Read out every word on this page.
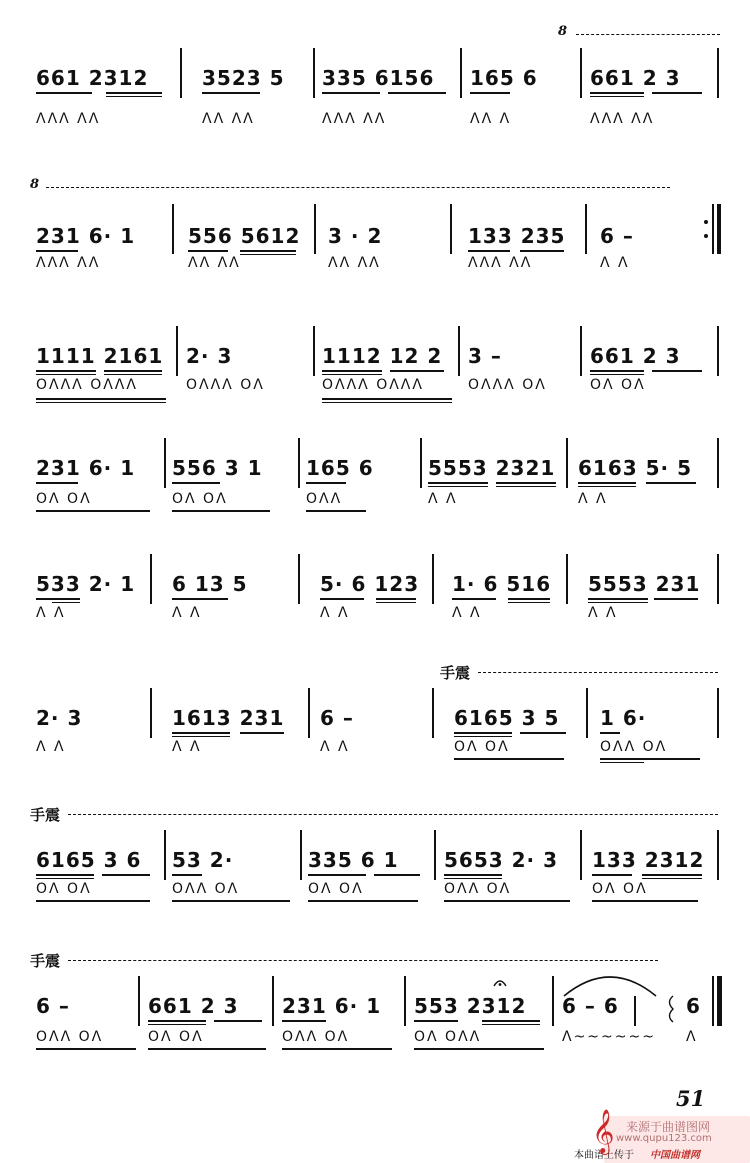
8
8
手震
手震
手震
661 2312	3523 5 335 6156 165 6	661 2 3
ΛΛΛ ΛΛ	ΛΛ ΛΛ	ΛΛΛ ΛΛ	ΛΛ Λ	ΛΛΛ ΛΛ
231 6· 1	556 5612 3 · 2	133 235 6 –
ΛΛΛ ΛΛ	ΛΛ ΛΛ	ΛΛ ΛΛ	ΛΛΛ ΛΛ	Λ Λ
1111 2161 2· 3	1112 12 2 3 –	661 2 3
OΛΛΛ OΛΛΛ	OΛΛΛ OΛ	OΛΛΛ OΛΛΛ	OΛΛΛ OΛ	OΛ OΛ
231 6· 1 556 3 1 165 6	5553 2321 6163 5· 5
OΛ OΛ	OΛ OΛ	OΛΛ	Λ Λ	Λ Λ
533 2· 1 6 13 5	5· 6 123 1· 6 516 5553 231
Λ Λ	Λ Λ	Λ Λ	Λ Λ	Λ Λ
2· 3	1613 231 6 –	6165 3 5 1 6·
Λ Λ	Λ Λ	Λ Λ	OΛ OΛ	OΛΛ OΛ
6165 3 6 53 2·	335 6 1 5653 2· 3 133 2312
OΛ OΛ	OΛΛ OΛ	OΛ OΛ	OΛΛ OΛ	OΛ OΛ
6 –	661 2 3 231 6· 1 553 2312 6 – 6	6
OΛΛ OΛ	OΛ OΛ	OΛΛ OΛ	OΛ OΛΛ	Λ~~~~~~ Λ
51
来源于曲谱图网
www.qupu123.com
本曲谱上传于
𝄞
中国曲谱网
